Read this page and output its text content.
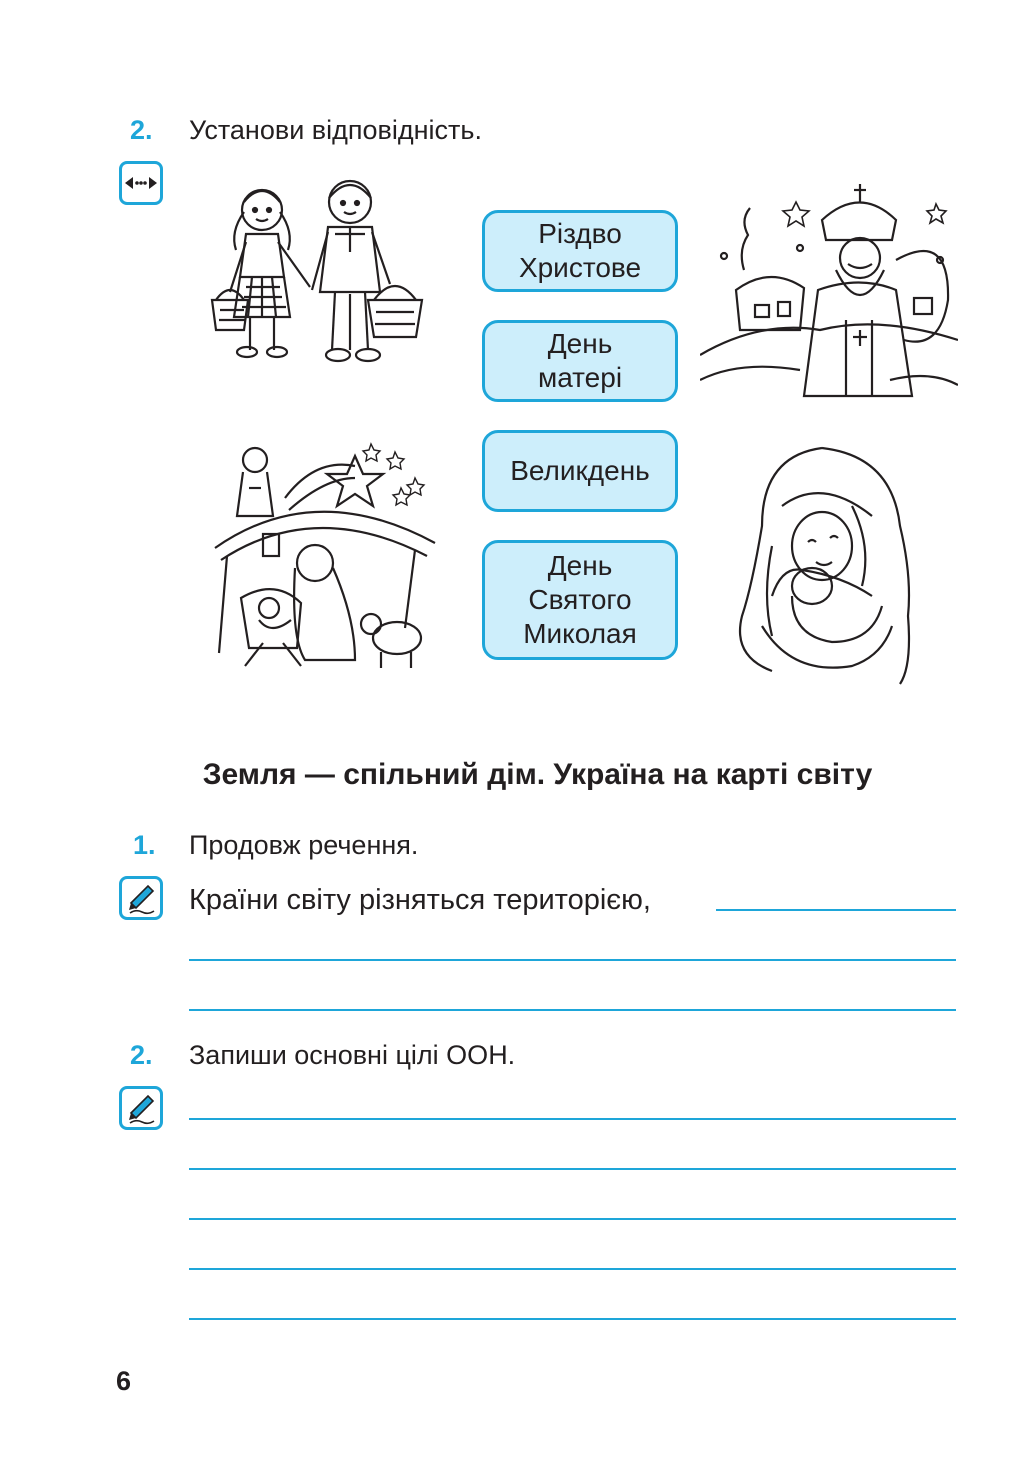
2. Установи відповідність.
Різдво
Христове
День
матері
Великдень
День
Святого
Миколая
Земля — спільний дім. Україна на карті світу
1. Продовж речення.
Країни світу різняться територією,
2. Запиши основні цілі ООН.
6
